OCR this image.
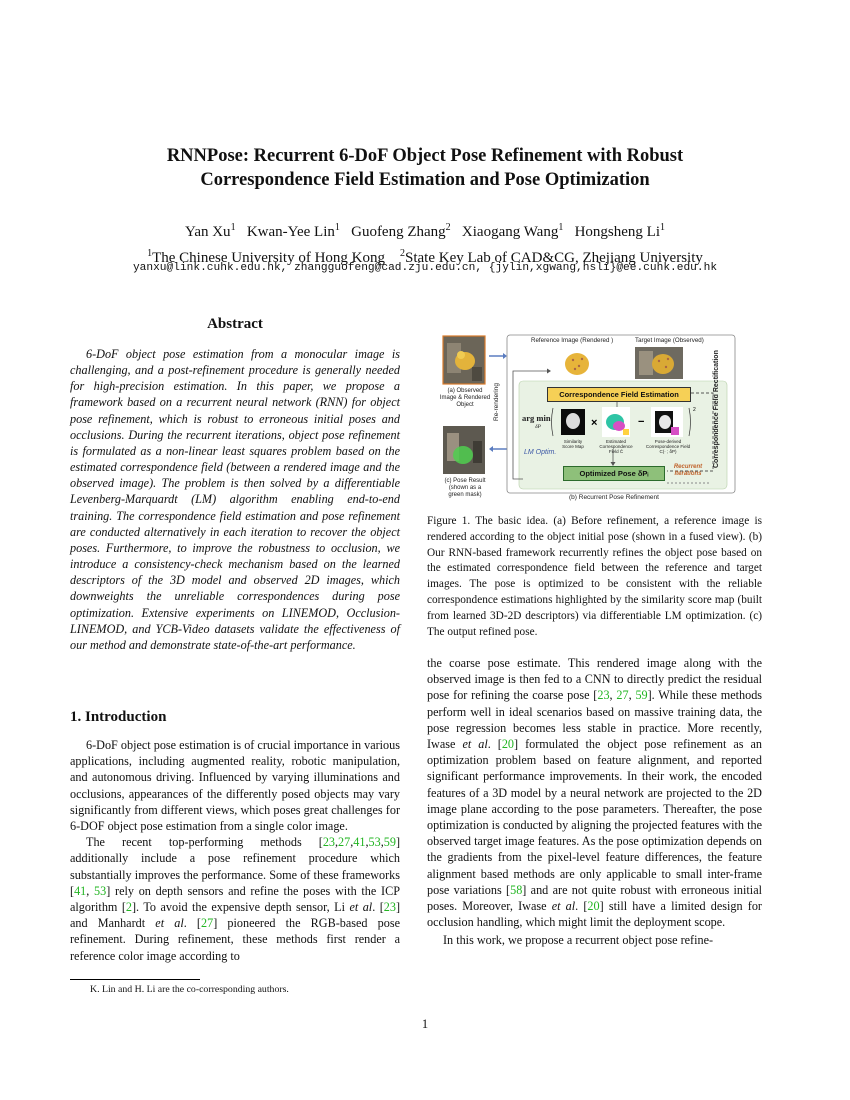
RNNPose: Recurrent 6-DoF Object Pose Refinement with Robust
Correspondence Field Estimation and Pose Optimization
Yan Xu$^1$ Kwan-Yee Lin$^1$ Guofeng Zhang$^2$ Xiaogang Wang$^1$ Hongsheng Li$^1$
$^1$The Chinese University of Hong Kong $^2$State Key Lab of CAD&CG, Zhejiang University
yanxu@link.cuhk.edu.hk, zhangguofeng@cad.zju.edu.cn, {jylin,xgwang,hsli}@ee.cuhk.edu.hk
Abstract

6-DoF object pose estimation from a monocular image is challenging, and a post-refinement procedure is generally needed for high-precision estimation. In this paper, we propose a framework based on a recurrent neural network (RNN) for object pose refinement, which is robust to erroneous initial poses and occlusions. During the recurrent iterations, object pose refinement is formulated as a non-linear least squares problem based on the estimated correspondence field (between a rendered image and the observed image). The problem is then solved by a differentiable Levenberg-Marquardt (LM) algorithm enabling end-to-end training. The correspondence field estimation and pose refinement are conducted alternatively in each iteration to recover the object poses. Furthermore, to improve the robustness to occlusion, we introduce a consistency-check mechanism based on the learned descriptors of the 3D model and observed 2D images, which downweights the unreliable correspondences during pose optimization. Extensive experiments on LINEMOD, Occlusion-LINEMOD, and YCB-Video datasets validate the effectiveness of our method and demonstrate state-of-the-art performance.

1. Introduction

6-DoF object pose estimation is of crucial importance in various applications, including augmented reality, robotic manipulation, and autonomous driving. Influenced by varying illuminations and occlusions, appearances of the differently posed objects may vary significantly from different views, which poses great challenges for 6-DOF object pose estimation from a single color image.

The recent top-performing methods [23,27,41,53,59] additionally include a pose refinement procedure which substantially improves the performance. Some of these frameworks [41, 53] rely on depth sensors and refine the poses with the ICP algorithm [2]. To avoid the expensive depth sensor, Li et al. [23] and Manhardt et al. [27] pioneered the RGB-based pose refinement. During refinement, these methods first render a reference color image according to

K. Lin and H. Li are the co-corresponding authors.
1
×	−
2
(a) Observed
Image & Rendered
Object
(c) Pose Result
(shown as a
green mask)
Reference Image (Rendered )	Target Image (Observed)
Re-rendering	Correspondence Field Estimation	Correspondence Field Rectification
arg min
δP
LM Optim.
Similarity
Score Map
Estimated
Correspondence
Field Ĉ
Pose-derived
Correspondence Field
C(· ; δP)
Optimized Pose δPᵢ
Recurrent
Iterations
(b) Recurrent Pose Refinement

Figure 1. The basic idea. (a) Before refinement, a reference image is rendered according to the object initial pose (shown in a fused view). (b) Our RNN-based framework recurrently refines the object pose based on the estimated correspondence field between the reference and target images. The pose is optimized to be consistent with the reliable correspondence estimations highlighted by the similarity score map (built from learned 3D-2D descriptors) via differentiable LM optimization. (c) The output refined pose.

the coarse pose estimate. This rendered image along with the observed image is then fed to a CNN to directly predict the residual pose for refining the coarse pose [23, 27, 59]. While these methods perform well in ideal scenarios based on massive training data, the pose regression becomes less stable in practice. More recently, Iwase et al. [20] formulated the object pose refinement as an optimization problem based on feature alignment, and reported significant performance improvements. In their work, the encoded features of a 3D model by a neural network are projected to the 2D image plane according to the pose parameters. Thereafter, the pose optimization is conducted by aligning the projected features with the observed target image features. As the pose optimization depends on the gradients from the pixel-level feature differences, the feature alignment based methods are only applicable to small inter-frame pose variations [58] and are not quite robust with erroneous initial poses. Moreover, Iwase et al. [20] still have a limited design for occlusion handling, which might limit the deployment scope.

In this work, we propose a recurrent object pose refine-
